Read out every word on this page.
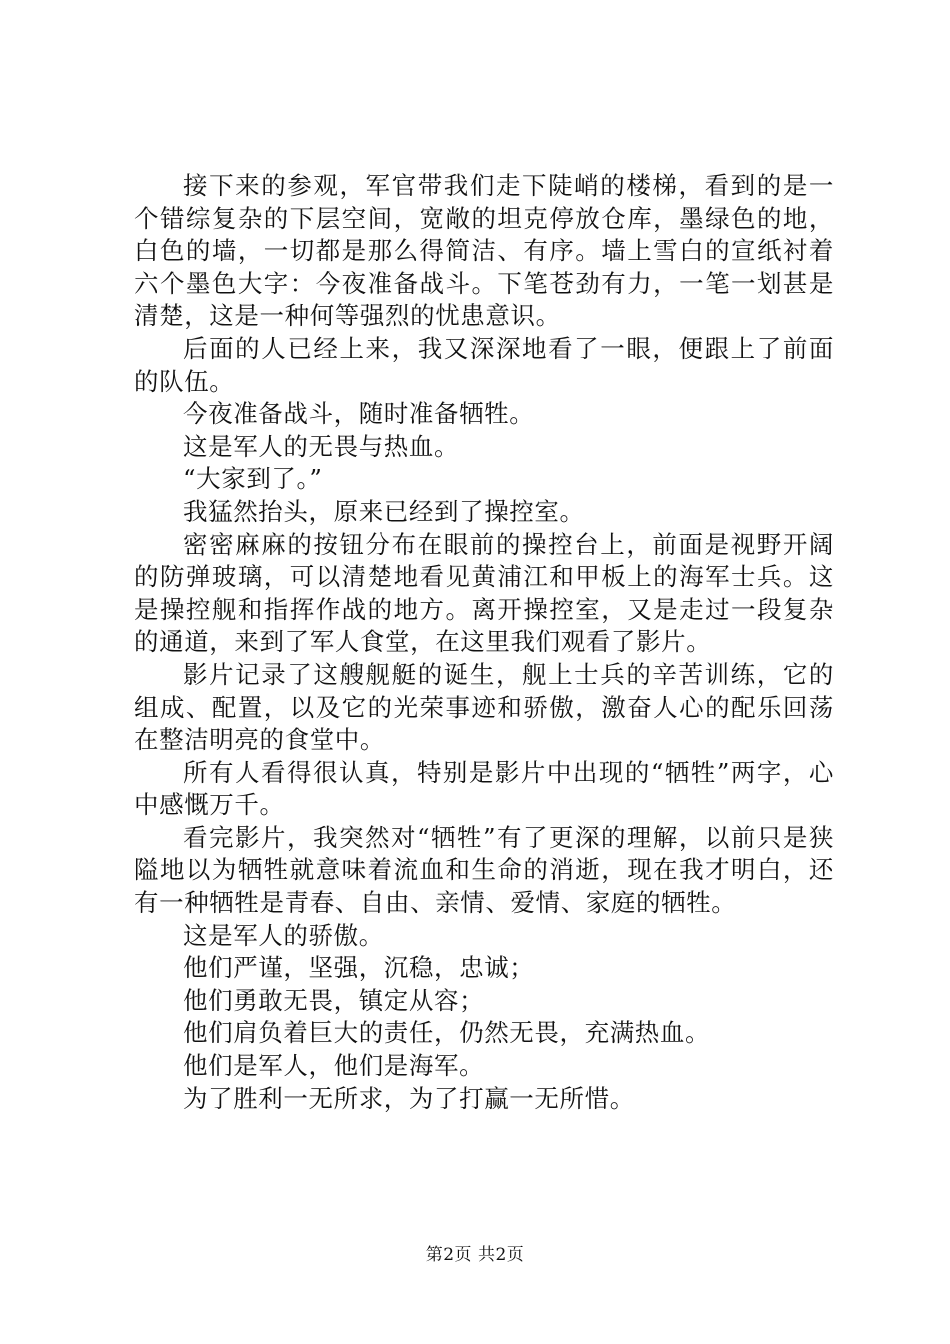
接下来的参观，军官带我们走下陡峭的楼梯，看到的是一个错综复杂的下层空间，宽敞的坦克停放仓库，墨绿色的地，白色的墙，一切都是那么得简洁、有序。墙上雪白的宣纸衬着六个墨色大字：今夜准备战斗。下笔苍劲有力，一笔一划甚是清楚，这是一种何等强烈的忧患意识。

后面的人已经上来，我又深深地看了一眼，便跟上了前面的队伍。

今夜准备战斗，随时准备牺牲。

这是军人的无畏与热血。

“大家到了。”

我猛然抬头，原来已经到了操控室。

密密麻麻的按钮分布在眼前的操控台上，前面是视野开阔的防弹玻璃，可以清楚地看见黄浦江和甲板上的海军士兵。这是操控舰和指挥作战的地方。离开操控室，又是走过一段复杂的通道，来到了军人食堂，在这里我们观看了影片。

影片记录了这艘舰艇的诞生，舰上士兵的辛苦训练，它的组成、配置，以及它的光荣事迹和骄傲，激奋人心的配乐回荡在整洁明亮的食堂中。

所有人看得很认真，特别是影片中出现的“牺牲”两字，心中感慨万千。

看完影片，我突然对“牺牲”有了更深的理解，以前只是狭隘地以为牺牲就意味着流血和生命的消逝，现在我才明白，还有一种牺牲是青春、自由、亲情、爱情、家庭的牺牲。

这是军人的骄傲。

他们严谨，坚强，沉稳，忠诚；

他们勇敢无畏，镇定从容；

他们肩负着巨大的责任，仍然无畏，充满热血。

他们是军人，他们是海军。

为了胜利一无所求，为了打赢一无所惜。

第2页 共2页
